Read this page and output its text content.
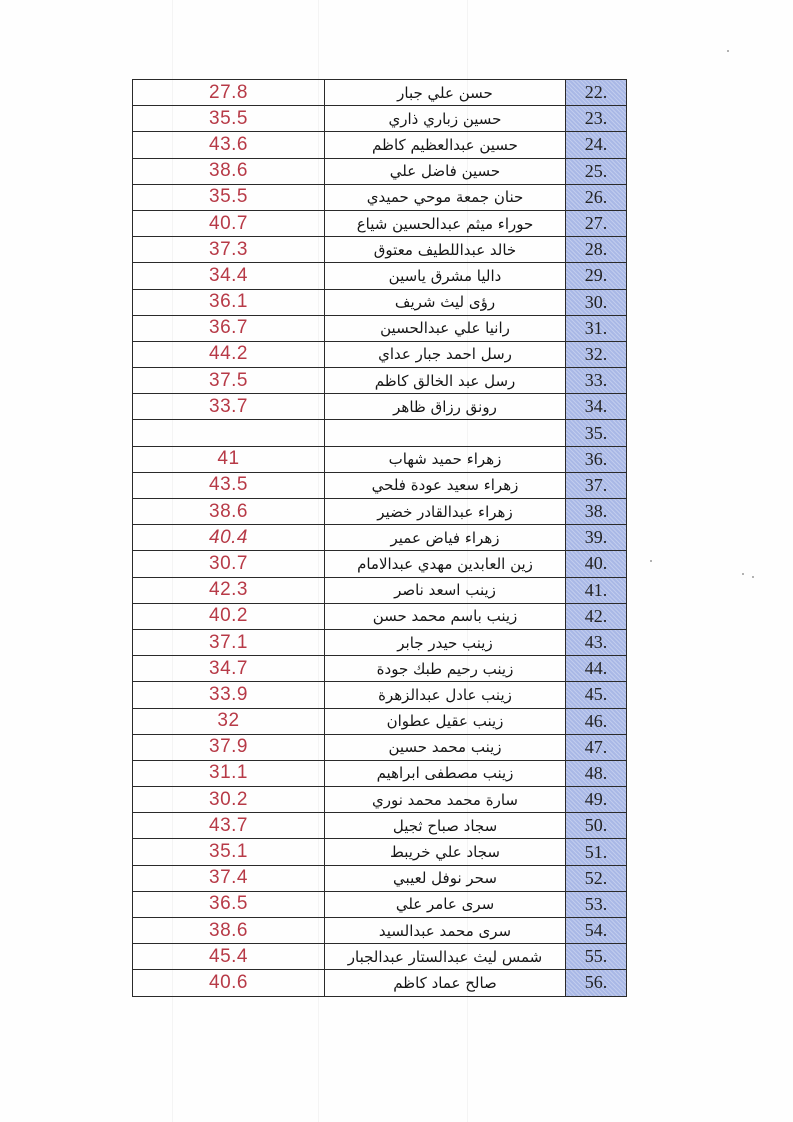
27.8	حسن علي جبار	22.
35.5	حسين زباري ذاري	23.
43.6	حسين عبدالعظيم كاظم	24.
38.6	حسين فاضل علي	25.
35.5	حنان جمعة موحي حميدي	26.
40.7	حوراء ميثم عبدالحسين شياع	27.
37.3	خالد عبداللطيف معتوق	28.
34.4	داليا مشرق ياسين	29.
36.1	رؤى ليث شريف	30.
36.7	رانيا علي عبدالحسين	31.
44.2	رسل احمد جبار عداي	32.
37.5	رسل عبد الخالق كاظم	33.
33.7	رونق رزاق ظاهر	34.
		35.
41	زهراء حميد شهاب	36.
43.5	زهراء سعيد عودة فلحي	37.
38.6	زهراء عبدالقادر خضير	38.
40.4	زهراء فياض عمير	39.
30.7	زين العابدين مهدي عبدالامام	40.
42.3	زينب اسعد ناصر	41.
40.2	زينب باسم محمد حسن	42.
37.1	زينب حيدر جابر	43.
34.7	زينب رحيم طبك جودة	44.
33.9	زينب عادل عبدالزهرة	45.
32	زينب عقيل عطوان	46.
37.9	زينب محمد حسين	47.
31.1	زينب مصطفى ابراهيم	48.
30.2	سارة محمد محمد نوري	49.
43.7	سجاد صباح ثجيل	50.
35.1	سجاد علي خريبط	51.
37.4	سحر نوفل لعيبي	52.
36.5	سرى عامر علي	53.
38.6	سرى محمد عبدالسيد	54.
45.4	شمس ليث عبدالستار عبدالجبار	55.
40.6	صالح عماد كاظم	56.
